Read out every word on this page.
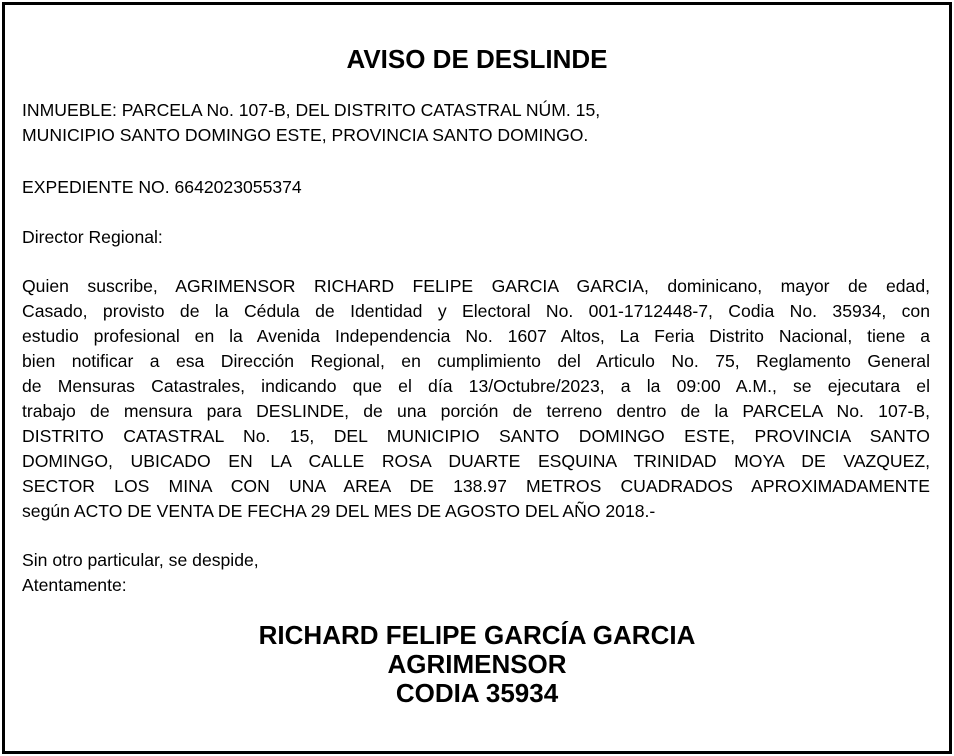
AVISO DE DESLINDE
INMUEBLE: PARCELA No. 107-B, DEL DISTRITO CATASTRAL NÚM. 15,
MUNICIPIO SANTO DOMINGO ESTE, PROVINCIA SANTO DOMINGO.
EXPEDIENTE NO. 6642023055374
Director Regional:
Quien suscribe, AGRIMENSOR RICHARD FELIPE GARCIA GARCIA, dominicano, mayor de edad,
Casado, provisto de la Cédula de Identidad y Electoral No. 001-1712448-7, Codia No. 35934, con
estudio profesional en la Avenida Independencia No. 1607 Altos, La Feria Distrito Nacional, tiene a
bien notificar a esa Dirección Regional, en cumplimiento del Articulo No. 75, Reglamento General
de Mensuras Catastrales, indicando que el día 13/Octubre/2023, a la 09:00 A.M., se ejecutara el
trabajo de mensura para DESLINDE, de una porción de terreno dentro de la PARCELA No. 107-B,
DISTRITO CATASTRAL No. 15, DEL MUNICIPIO SANTO DOMINGO ESTE, PROVINCIA SANTO
DOMINGO, UBICADO EN LA CALLE ROSA DUARTE ESQUINA TRINIDAD MOYA DE VAZQUEZ,
SECTOR LOS MINA CON UNA AREA DE 138.97 METROS CUADRADOS APROXIMADAMENTE
según ACTO DE VENTA DE FECHA 29 DEL MES DE AGOSTO DEL AÑO 2018.-
Sin otro particular, se despide,
Atentamente:
RICHARD FELIPE GARCÍA GARCIA
AGRIMENSOR
CODIA 35934
